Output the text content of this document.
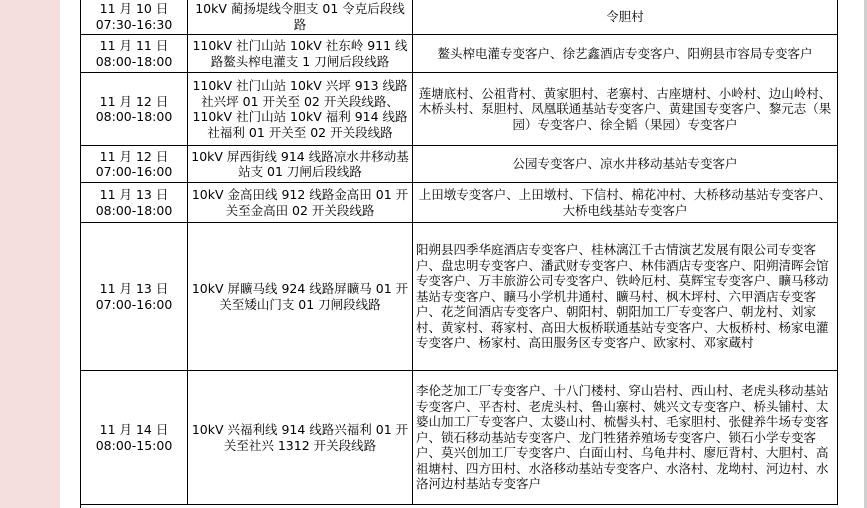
11 月 10 日
07:30-16:30	10kV 蔺扬堤线令胆支 01 令克后段线路	令胆村
11 月 11 日
08:00-18:00	110kV 社门山站 10kV 社东岭 911 线路鳌头榨电灌支 1 刀闸后段线路	鳌头榨电灌专变客户、徐艺鑫酒店专变客户、阳朔县市容局专变客户
11 月 12 日
08:00-18:00	110kV 社门山站 10kV 兴坪 913 线路社兴坪 01 开关至 02 开关段线路、110kV 社门山站 10kV 福利 914 线路社福利 01 开关至 02 开关段线路	莲塘底村、公祖背村、黄家胆村、老寨村、古座塘村、小岭村、边山岭村、木桥头村、泵胆村、凤凰联通基站专变客户、黄建国专变客户、黎元志（果园）专变客户、徐全韬（果园）专变客户
11 月 12 日
07:00-16:00	10kV 屏西街线 914 线路凉水井移动基站支 01 刀闸后段线路	公园专变客户、凉水井移动基站专变客户
11 月 13 日
08:00-18:00	10kV 金高田线 912 线路金高田 01 开关至金高田 02 开关段线路	上田墩专变客户、上田墩村、下信村、棉花冲村、大桥移动基站专变客户、大桥电线基站专变客户
11 月 13 日
07:00-16:00	10kV 屏矌马线 924 线路屏矌马 01 开关至矮山门支 01 刀闸段线路	阳朔县四季华庭酒店专变客户、桂林漓江千古情演艺发展有限公司专变客户、盘忠明专变客户、潘武财专变客户、林伟酒店专变客户、阳朔清晖会馆专变客户、万丰旅游公司专变客户、铁岭厄村、莫辉宝专变客户、矌马移动基站专变客户、矌马小学机井通村、矌马村、枫木坪村、六甲酒店专变客户、花芝间酒店专变客户、朝阳村、朝阳加工厂专变客户、朝龙村、刘家村、黄家村、蒋家村、高田大板桥联通基站专变客户、大板桥村、杨家电灌专变客户、杨家村、高田服务区专变客户、欧家村、邓家蔵村
11 月 14 日
08:00-15:00	10kV 兴福利线 914 线路兴福利 01 开关至社兴 1312 开关段线路	李伦芝加工厂专变客户、十八门楼村、穿山岩村、西山村、老虎头移动基站专变客户、平杏村、老虎头村、鲁山寨村、姚兴文专变客户、桥头铺村、太婆山加工厂专变客户、太婆山村、梳髻头村、毛家胆村、张健养牛场专变客户、锁石移动基站专变客户、龙门牲猪养殖场专变客户、锁石小学专变客户、莫兴创加工厂专变客户、白面山村、乌龟井村、廖厄背村、大胆村、高祖塘村、四方田村、水洛移动基站专变客户、水洛村、龙坳村、河边村、水洛河边村基站专变客户
